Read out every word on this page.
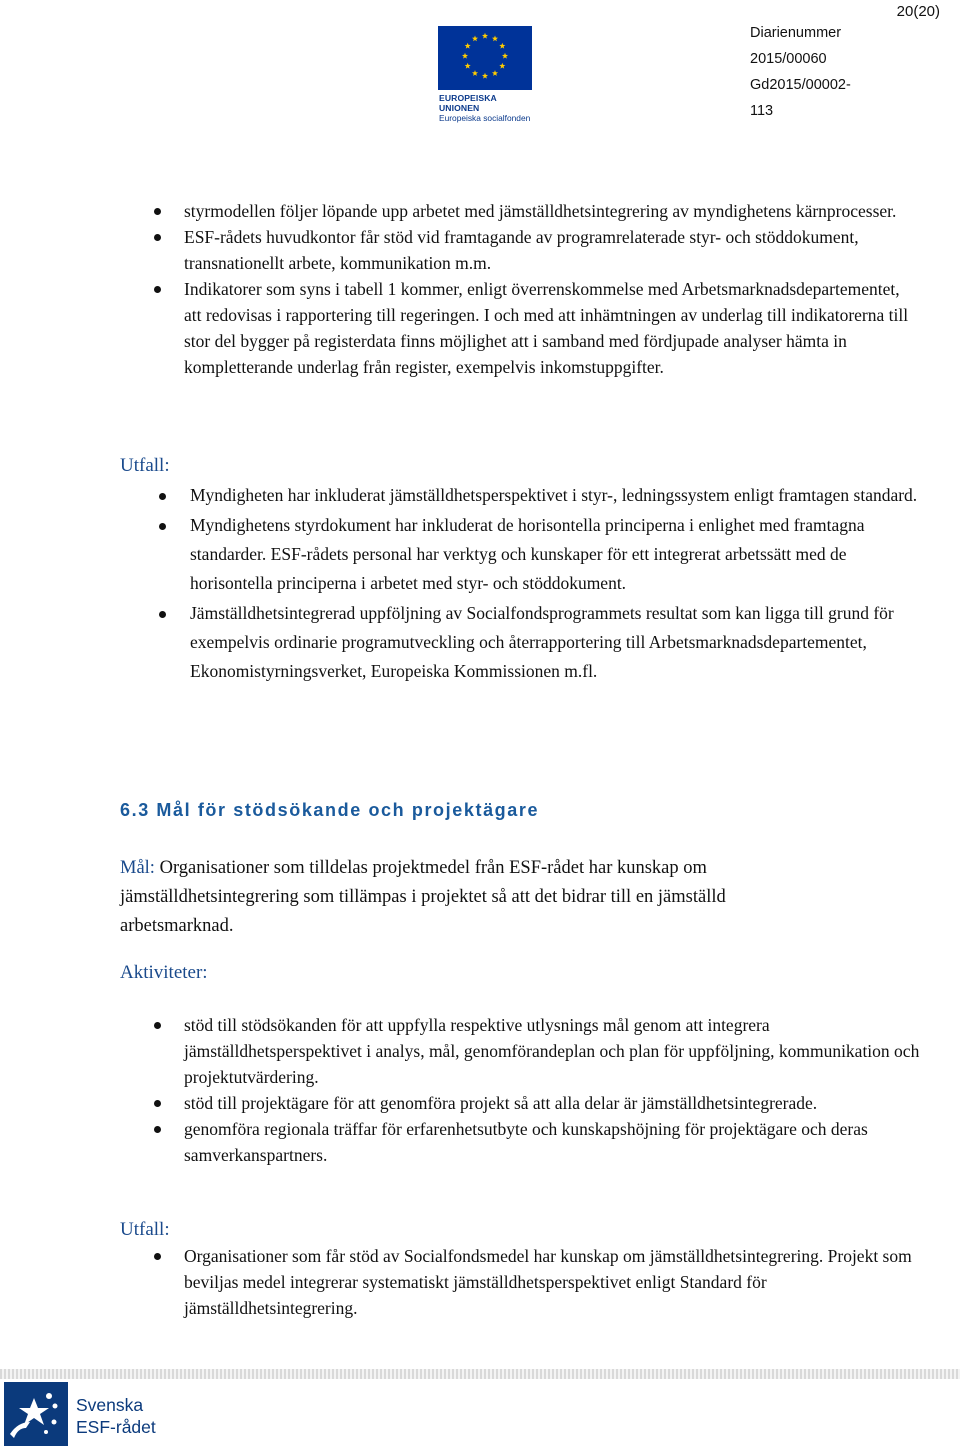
20(20)
EUROPEISKA UNIONEN
Europeiska socialfonden
Diarienummer
2015/00060
Gd2015/00002-
113
styrmodellen följer löpande upp arbetet med jämställdhetsintegrering av myndighetens kärnprocesser.
ESF-rådets huvudkontor får stöd vid framtagande av programrelaterade styr- och stöddokument, transnationellt arbete, kommunikation m.m.
Indikatorer som syns i tabell 1 kommer, enligt överrenskommelse med Arbetsmarknadsdepartementet, att redovisas i rapportering till regeringen. I och med att inhämtningen av underlag till indikatorerna till stor del bygger på registerdata finns möjlighet att i samband med fördjupade analyser hämta in kompletterande underlag från register, exempelvis inkomstuppgifter.
Utfall:
Myndigheten har inkluderat jämställdhetsperspektivet i styr-, ledningssystem enligt framtagen standard.
Myndighetens styrdokument har inkluderat de horisontella principerna i enlighet med framtagna standarder. ESF-rådets personal har verktyg och kunskaper för ett integrerat arbetssätt med de horisontella principerna i arbetet med styr- och stöddokument.
Jämställdhetsintegrerad uppföljning av Socialfondsprogrammets resultat som kan ligga till grund för exempelvis ordinarie programutveckling och återrapportering till Arbetsmarknadsdepartementet, Ekonomistyrningsverket, Europeiska Kommissionen m.fl.
6.3 Mål för stödsökande och projektägare
Mål: Organisationer som tilldelas projektmedel från ESF-rådet har kunskap om jämställdhetsintegrering som tillämpas i projektet så att det bidrar till en jämställd arbetsmarknad.
Aktiviteter:
stöd till stödsökanden för att uppfylla respektive utlysnings mål genom att integrera jämställdhetsperspektivet i analys, mål, genomförandeplan och plan för uppföljning, kommunikation och projektutvärdering.
stöd till projektägare för att genomföra projekt så att alla delar är jämställdhetsintegrerade.
genomföra regionala träffar för erfarenhetsutbyte och kunskapshöjning för projektägare och deras samverkanspartners.
Utfall:
Organisationer som får stöd av Socialfondsmedel har kunskap om jämställdhetsintegrering. Projekt som beviljas medel integrerar systematiskt jämställdhetsperspektivet enligt Standard för jämställdhetsintegrering.
Svenska
ESF-rådet
